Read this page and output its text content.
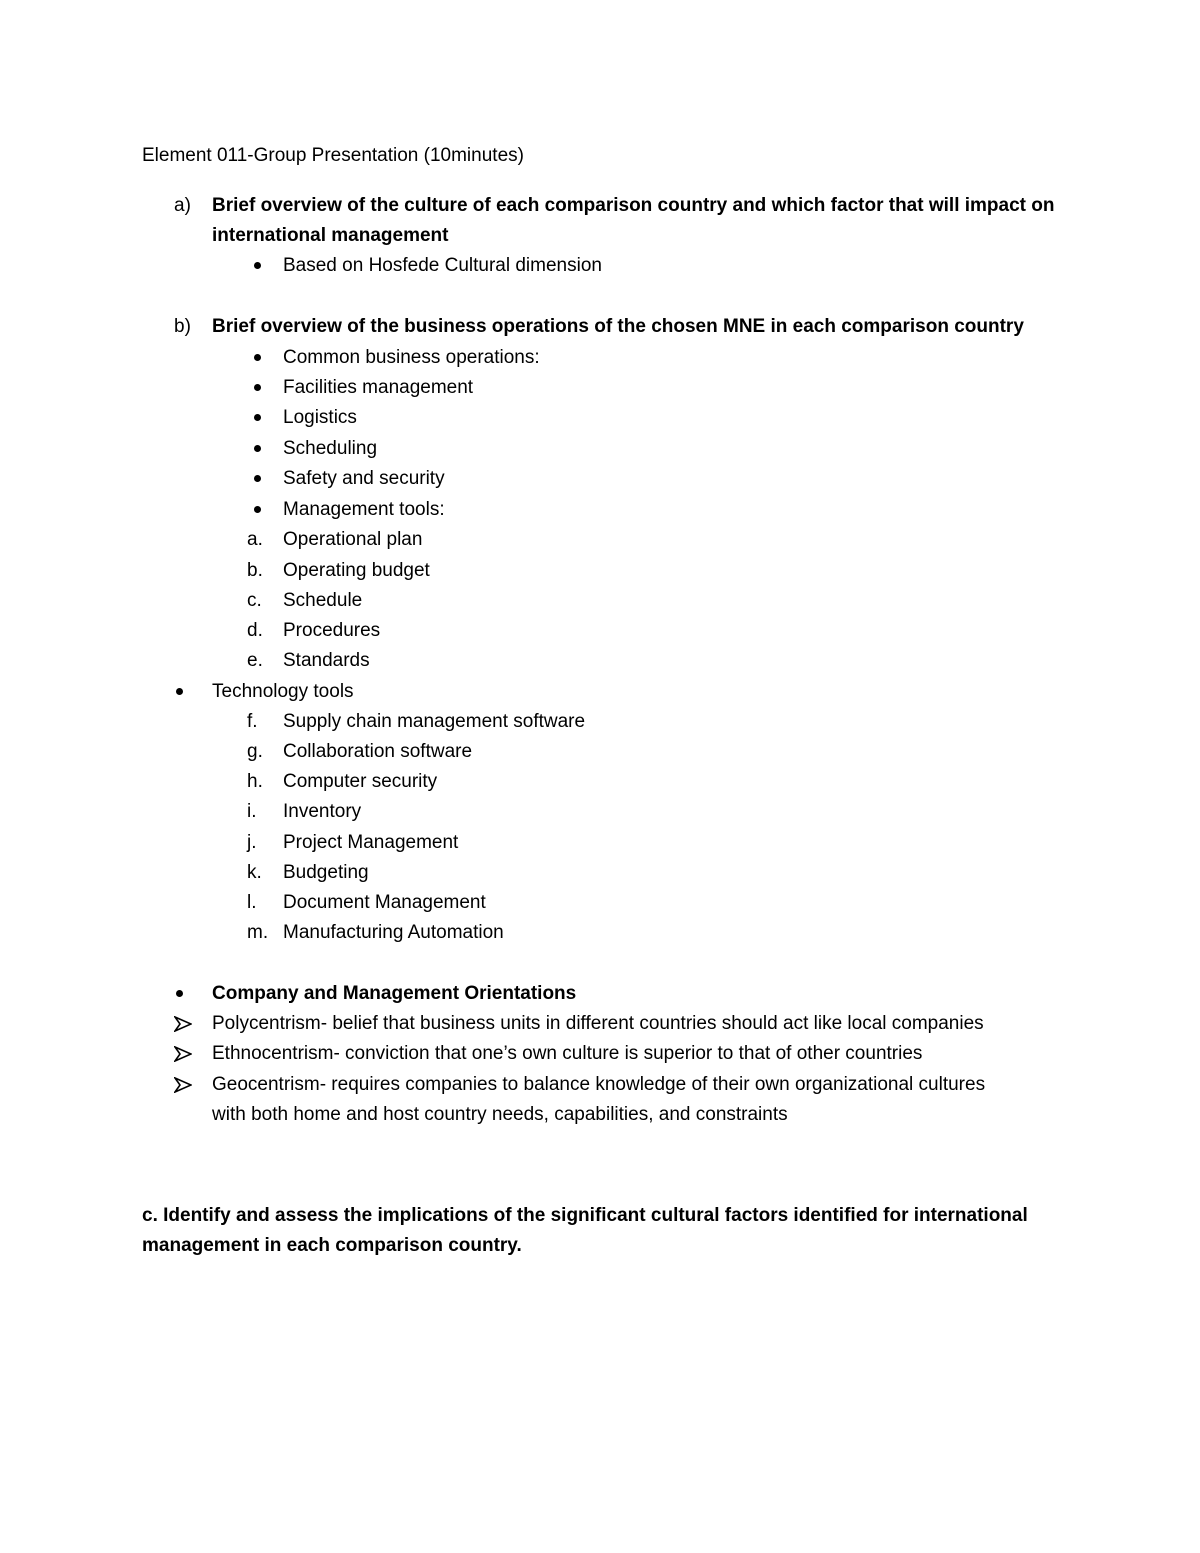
Element 011-Group Presentation (10minutes)
a) Brief overview of the culture of each comparison country and which factor that will impact on
international management
Based on Hosfede Cultural dimension
b) Brief overview of the business operations of the chosen MNE in each comparison country
Common business operations:
Facilities management
Logistics
Scheduling
Safety and security
Management tools:
a. Operational plan
b. Operating budget
c. Schedule
d. Procedures
e. Standards
Technology tools
f. Supply chain management software
g. Collaboration software
h. Computer security
i. Inventory
j. Project Management
k. Budgeting
l. Document Management
m. Manufacturing Automation
Company and Management Orientations
Polycentrism- belief that business units in different countries should act like local companies
Ethnocentrism- conviction that one’s own culture is superior to that of other countries
Geocentrism- requires companies to balance knowledge of their own organizational cultures
with both home and host country needs, capabilities, and constraints
c. Identify and assess the implications of the significant cultural factors identified for international
management in each comparison country.
